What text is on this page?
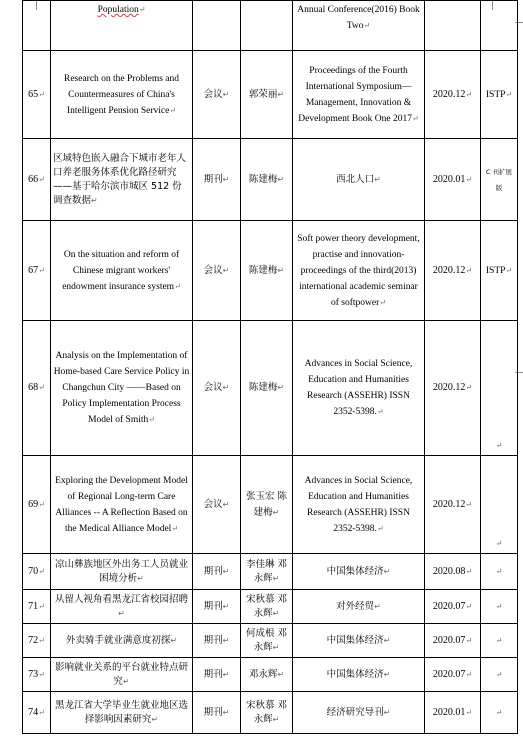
	Population ↵			Annual Conference(2016) Book Two ↵		
65 ↵	Research on the Problems and Countermeasures of China's Intelligent Pension Service ↵	会议 ↵	郭荣丽 ↵	Proceedings of the Fourth International Symposium—Management, Innovation & Development Book One 2017 ↵	2020.12 ↵	ISTP ↵
66 ↵	区域特色嵌入融合下城市老年人口养老服务体系优化路径研究——基于哈尔滨市城区 512 份调查数据 ↵	期刊 ↵	陈建梅 ↵	西北人口 ↵	2020.01 ↵	C 刊扩展版
67 ↵	On the situation and reform of Chinese migrant workers' endowment insurance system ↵	会议 ↵	陈建梅 ↵	Soft power theory development, practise and innovation-proceedings of the third(2013) international academic seminar of softpower ↵	2020.12 ↵	ISTP ↵
68 ↵	Analysis on the Implementation of Home-based Care Service Policy in Changchun City ——Based on Policy Implementation Process Model of Smith ↵	会议 ↵	陈建梅 ↵	Advances in Social Science, Education and Humanities Research (ASSEHR) ISSN 2352-5398. ↵	2020.12 ↵	↵
69 ↵	Exploring the Development Model of Regional Long-term Care Alliances -- A Reflection Based on the Medical Alliance Model ↵	会议 ↵	张玉宏 陈建梅 ↵	Advances in Social Science, Education and Humanities Research (ASSEHR) ISSN 2352-5398. ↵	2020.12 ↵	↵
70 ↵	凉山彝族地区外出务工人员就业困境分析 ↵	期刊 ↵	李佳琳 邓永辉 ↵	中国集体经济 ↵	2020.08 ↵	↵
71 ↵	从留人视角看黑龙江省校园招聘 ↵	期刊 ↵	宋秋慕 邓永辉 ↵	对外经贸 ↵	2020.07 ↵	↵
72 ↵	外卖骑手就业满意度初探 ↵	期刊 ↵	何成根 邓永辉 ↵	中国集体经济 ↵	2020.07 ↵	↵
73 ↵	影响就业关系的平台就业特点研究 ↵	期刊 ↵	邓永辉 ↵	中国集体经济 ↵	2020.07 ↵	↵
74 ↵	黑龙江省大学毕业生就业地区选择影响因素研究 ↵	期刊 ↵	宋秋慕 邓永辉 ↵	经济研究导刊 ↵	2020.01 ↵	↵
